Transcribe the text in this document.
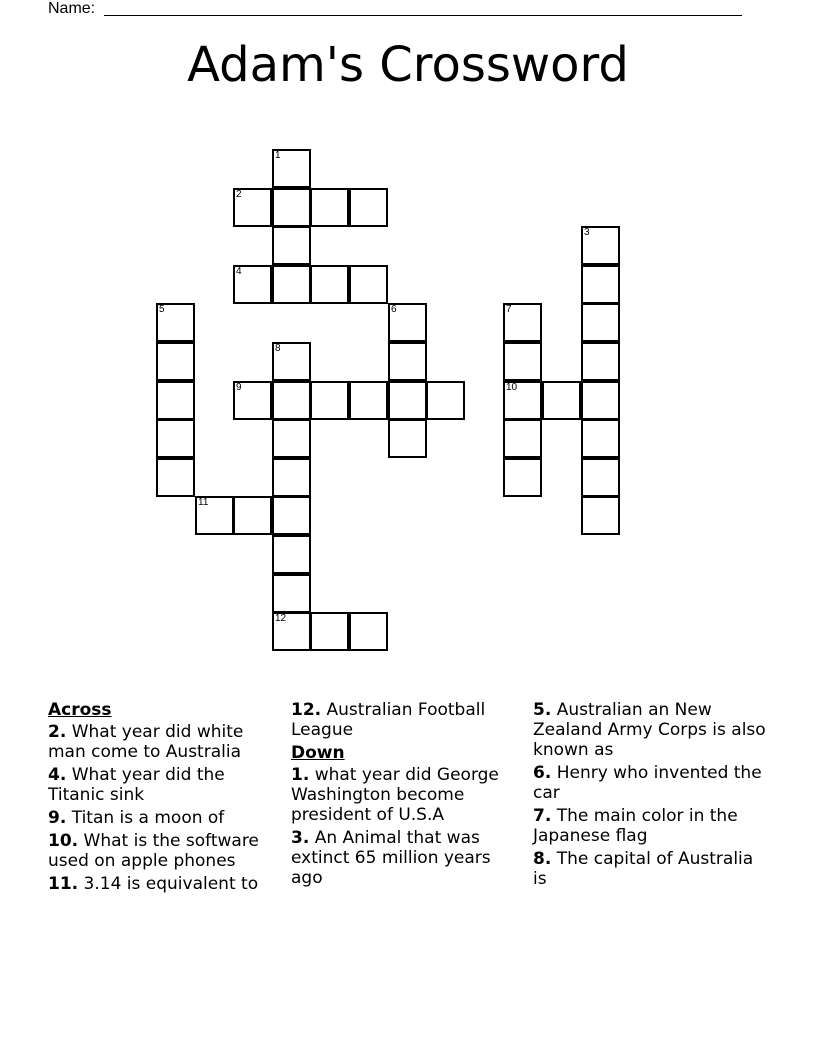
Name:
Adam's Crossword
1
2
3
4
5	6	7
8
9	10
11
12
Across
2. What year did white man come to Australia
4. What year did the Titanic sink
9. Titan is a moon of
10. What is the software used on apple phones
11. 3.14 is equivalent to
12. Australian Football League
Down
1. what year did George Washington become president of U.S.A
3. An Animal that was extinct 65 million years ago
5. Australian an New Zealand Army Corps is also known as
6. Henry who invented the car
7. The main color in the Japanese flag
8. The capital of Australia is
